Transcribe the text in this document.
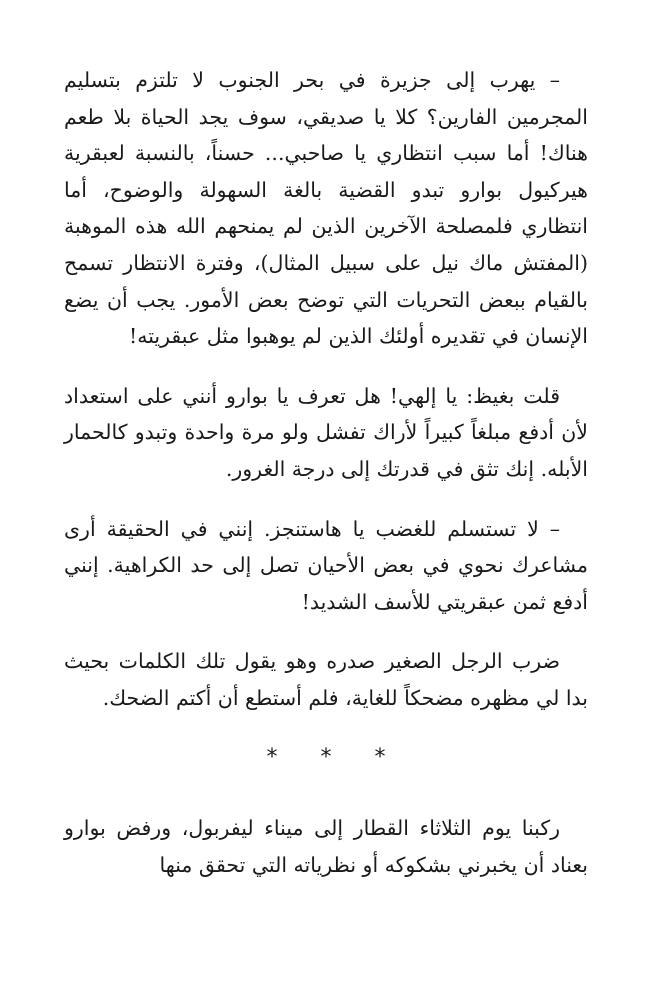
– يهرب إلى جزيرة في بحر الجنوب لا تلتزم بتسليم المجرمين الفارين؟ كلا يا صديقي، سوف يجد الحياة بلا طعم هناك! أما سبب انتظاري يا صاحبي... حسناً، بالنسبة لعبقرية هيركيول بوارو تبدو القضية بالغة السهولة والوضوح، أما انتظاري فلمصلحة الآخرين الذين لم يمنحهم الله هذه الموهبة (المفتش ماك نيل على سبيل المثال)، وفترة الانتظار تسمح بالقيام ببعض التحريات التي توضح بعض الأمور. يجب أن يضع الإنسان في تقديره أولئك الذين لم يوهبوا مثل عبقريته!

قلت بغيظ: يا إلهي! هل تعرف يا بوارو أنني على استعداد لأن أدفع مبلغاً كبيراً لأراك تفشل ولو مرة واحدة وتبدو كالحمار الأبله. إنك تثق في قدرتك إلى درجة الغرور.

– لا تستسلم للغضب يا هاستنجز. إنني في الحقيقة أرى مشاعرك نحوي في بعض الأحيان تصل إلى حد الكراهية. إنني أدفع ثمن عبقريتي للأسف الشديد!

ضرب الرجل الصغير صدره وهو يقول تلك الكلمات بحيث بدا لي مظهره مضحكاً للغاية، فلم أستطع أن أكتم الضحك.

* * *

ركبنا يوم الثلاثاء القطار إلى ميناء ليفربول، ورفض بوارو بعناد أن يخبرني بشكوكه أو نظرياته التي تحقق منها
